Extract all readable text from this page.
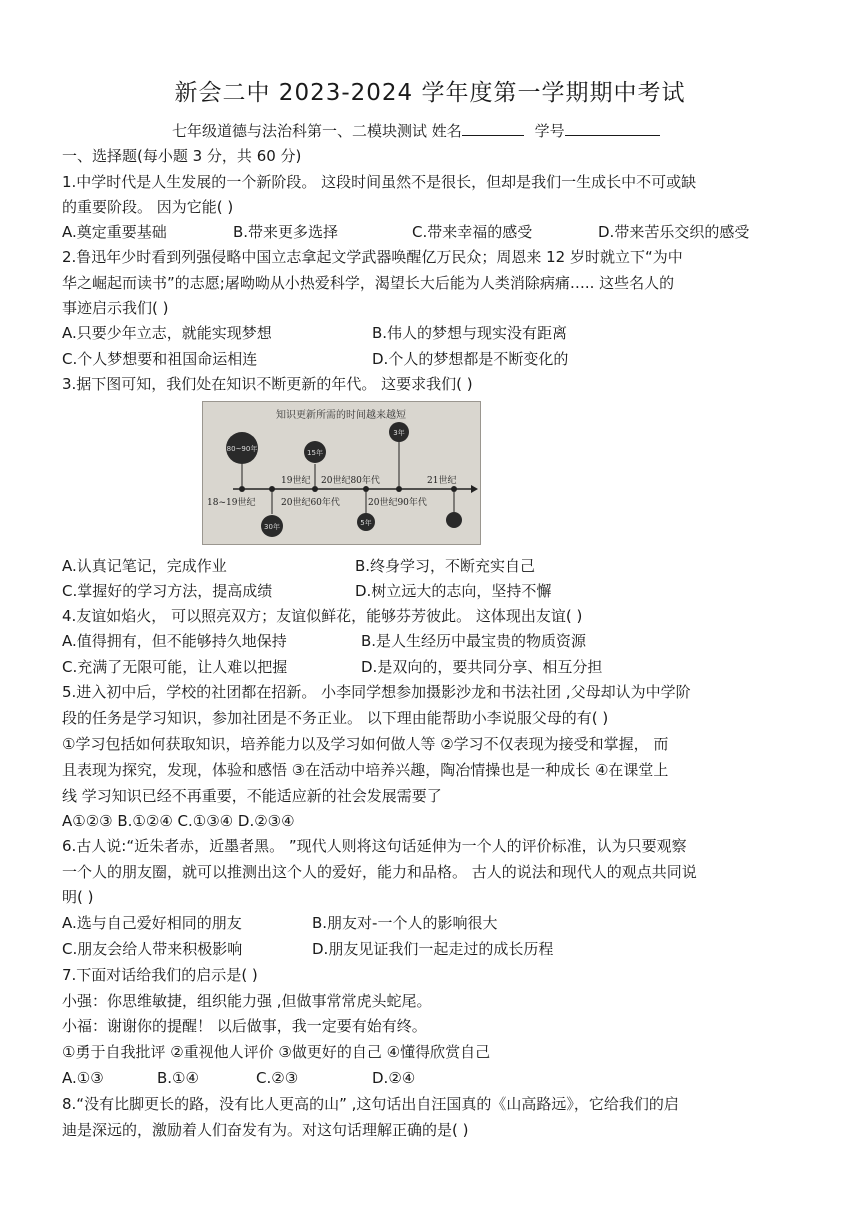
新会二中 2023-2024 学年度第一学期期中考试
七年级道德与法治科第一、二模块测试 姓名	学号
一、选择题(每小题 3 分，共 60 分)
1.中学时代是人生发展的一个新阶段。 这段时间虽然不是很长，但却是我们一生成长中不可或缺
的重要阶段。 因为它能( )
A.奠定重要基础	B.带来更多选择	C.带来幸福的感受	D.带来苦乐交织的感受
2.鲁迅年少时看到列强侵略中国立志拿起文学武器唤醒亿万民众；周恩来 12 岁时就立下“为中
华之崛起而读书”的志愿;屠呦呦从小热爱科学，渴望长大后能为人类消除病痛….. 这些名人的
事迹启示我们( )
A.只要少年立志，就能实现梦想	B.伟人的梦想与现实没有距离
C.个人梦想要和祖国命运相连	D.个人的梦想都是不断变化的
3.据下图可知，我们处在知识不断更新的年代。 这要求我们( )
知识更新所需的时间越来越短
80~90年
30年
15年
5年
3年
19世纪 20世纪80年代	21世纪
18~19世纪	20世纪60年代	20世纪90年代
A.认真记笔记，完成作业	B.终身学习，不断充实自己
C.掌握好的学习方法，提高成绩	D.树立远大的志向，坚持不懈
4.友谊如焰火， 可以照亮双方；友谊似鲜花，能够芬芳彼此。 这体现出友谊( )
A.值得拥有，但不能够持久地保持	B.是人生经历中最宝贵的物质资源
C.充满了无限可能，让人难以把握	D.是双向的，要共同分享、相互分担
5.进入初中后，学校的社团都在招新。 小李同学想参加摄影沙龙和书法社团 ,父母却认为中学阶
段的任务是学习知识，参加社团是不务正业。 以下理由能帮助小李说服父母的有( )
①学习包括如何获取知识，培养能力以及学习如何做人等 ②学习不仅表现为接受和掌握， 而
且表现为探究，发现，体验和感悟 ③在活动中培养兴趣，陶冶情操也是一种成长 ④在课堂上
线 学习知识已经不再重要，不能适应新的社会发展需要了
A①②③ B.①②④ C.①③④ D.②③④
6.古人说:“近朱者赤，近墨者黑。 ”现代人则将这句话延伸为一个人的评价标准，认为只要观察
一个人的朋友圈，就可以推测出这个人的爱好，能力和品格。 古人的说法和现代人的观点共同说
明( )
A.选与自己爱好相同的朋友	B.朋友对-一个人的影响很大
C.朋友会给人带来积极影响	D.朋友见证我们一起走过的成长历程
7.下面对话给我们的启示是( )
小强：你思维敏捷，组织能力强 ,但做事常常虎头蛇尾。
小福：谢谢你的提醒！ 以后做事，我一定要有始有终。
①勇于自我批评 ②重视他人评价 ③做更好的自己 ④懂得欣赏自己
A.①③	B.①④	C.②③	D.②④
8.“没有比脚更长的路，没有比人更高的山” ,这句话出自汪国真的《山高路远》，它给我们的启
迪是深远的，激励着人们奋发有为。对这句话理解正确的是( )
